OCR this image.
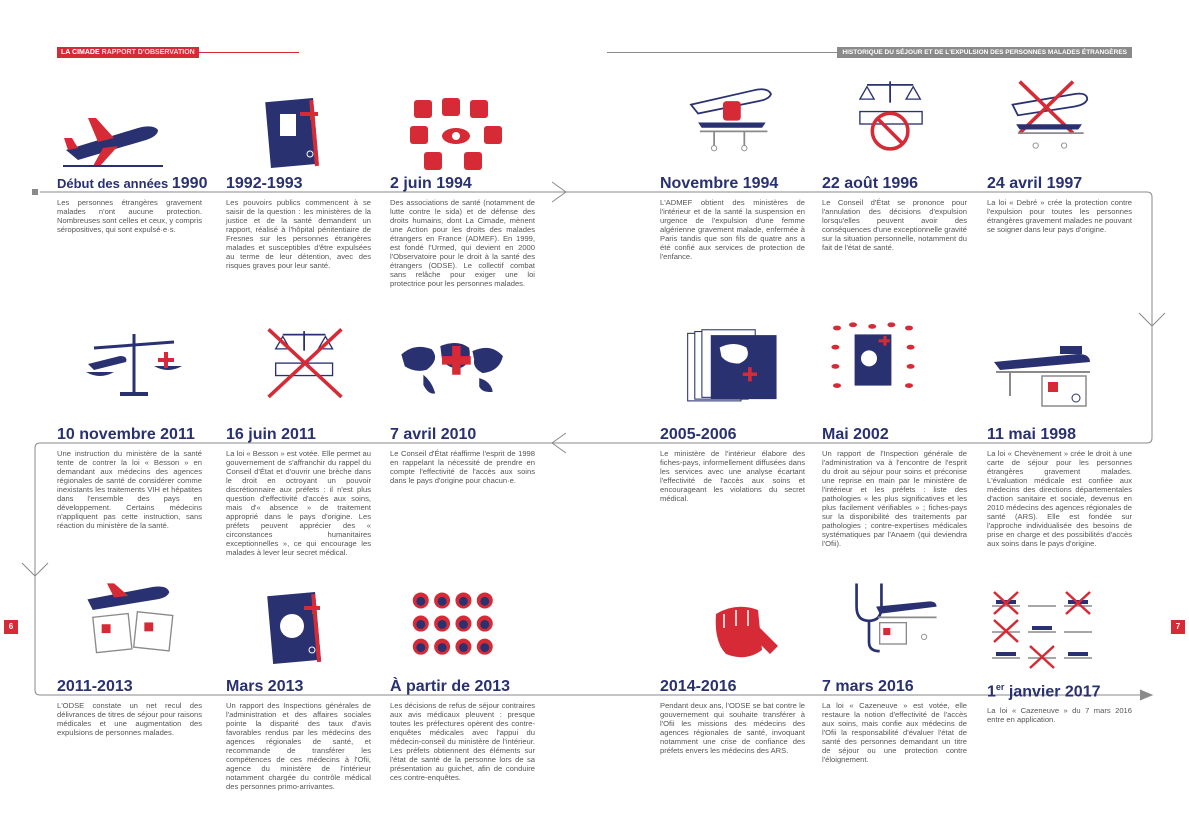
LA CIMADE RAPPORT D'OBSERVATION	HISTORIQUE DU SÉJOUR ET DE L'EXPULSION DES PERSONNES MALADES ÉTRANGÈRES
6	7
Début des années 1990
Les personnes étrangères gravement malades n'ont aucune protection. Nombreuses sont celles et ceux, y compris séropositives, qui sont expulsé·e·s.
1992-1993
Les pouvoirs publics commencent à se saisir de la question : les ministères de la justice et de la santé demandent un rapport, réalisé à l'hôpital pénitentiaire de Fresnes sur les personnes étrangères malades et susceptibles d'être expulsées au terme de leur détention, avec des risques graves pour leur santé.
2 juin 1994
Des associations de santé (notamment de lutte contre le sida) et de défense des droits humains, dont La Cimade, mènent une Action pour les droits des malades étrangers en France (ADMEF). En 1999, est fondé l'Urmed, qui devient en 2000 l'Observatoire pour le droit à la santé des étrangers (ODSE). Le collectif combat sans relâche pour exiger une loi protectrice pour les personnes malades.
Novembre 1994
L'ADMEF obtient des ministères de l'intérieur et de la santé la suspension en urgence de l'expulsion d'une femme algérienne gravement malade, enfermée à Paris tandis que son fils de quatre ans a été confié aux services de protection de l'enfance.
22 août 1996
Le Conseil d'État se prononce pour l'annulation des décisions d'expulsion lorsqu'elles peuvent avoir des conséquences d'une exceptionnelle gravité sur la situation personnelle, notamment du fait de l'état de santé.
24 avril 1997
La loi « Debré » crée la protection contre l'expulsion pour toutes les personnes étrangères gravement malades ne pouvant se soigner dans leur pays d'origine.
10 novembre 2011
Une instruction du ministère de la santé tente de contrer la loi « Besson » en demandant aux médecins des agences régionales de santé de considérer comme inexistants les traitements VIH et hépatites dans l'ensemble des pays en développement. Certains médecins n'appliquent pas cette instruction, sans réaction du ministère de la santé.
16 juin 2011
La loi « Besson » est votée. Elle permet au gouvernement de s'affranchir du rappel du Conseil d'État et d'ouvrir une brèche dans le droit en octroyant un pouvoir discrétionnaire aux préfets : il n'est plus question d'effectivité d'accès aux soins, mais d'« absence » de traitement approprié dans le pays d'origine. Les préfets peuvent apprécier des « circonstances humanitaires exceptionnelles », ce qui encourage les malades à lever leur secret médical.
7 avril 2010
Le Conseil d'État réaffirme l'esprit de 1998 en rappelant la nécessité de prendre en compte l'effectivité de l'accès aux soins dans le pays d'origine pour chacun·e.
2005-2006
Le ministère de l'intérieur élabore des fiches-pays, informellement diffusées dans les services avec une analyse écartant l'effectivité de l'accès aux soins et encourageant les violations du secret médical.
Mai 2002
Un rapport de l'Inspection générale de l'administration va à l'encontre de l'esprit du droit au séjour pour soins et préconise une reprise en main par le ministère de l'intérieur et les préfets : liste des pathologies « les plus significatives et les plus facilement vérifiables » ; fiches-pays sur la disponibilité des traitements par pathologies ; contre-expertises médicales systématiques par l'Anaem (qui deviendra l'Ofii).
11 mai 1998
La loi « Chevènement » crée le droit à une carte de séjour pour les personnes étrangères gravement malades. L'évaluation médicale est confiée aux médecins des directions départementales d'action sanitaire et sociale, devenus en 2010 médecins des agences régionales de santé (ARS). Elle est fondée sur l'approche individualisée des besoins de prise en charge et des possibilités d'accès aux soins dans le pays d'origine.
2011-2013
L'ODSE constate un net recul des délivrances de titres de séjour pour raisons médicales et une augmentation des expulsions de personnes malades.
Mars 2013
Un rapport des Inspections générales de l'administration et des affaires sociales pointe la disparité des taux d'avis favorables rendus par les médecins des agences régionales de santé, et recommande de transférer les compétences de ces médecins à l'Ofii, agence du ministère de l'intérieur notamment chargée du contrôle médical des personnes primo-arrivantes.
À partir de 2013
Les décisions de refus de séjour contraires aux avis médicaux pleuvent : presque toutes les préfectures opèrent des contre-enquêtes médicales avec l'appui du médecin-conseil du ministère de l'intérieur. Les préfets obtiennent des éléments sur l'état de santé de la personne lors de sa présentation au guichet, afin de conduire ces contre-enquêtes.
2014-2016
Pendant deux ans, l'ODSE se bat contre le gouvernement qui souhaite transférer à l'Ofii les missions des médecins des agences régionales de santé, invoquant notamment une crise de confiance des préfets envers les médecins des ARS.
7 mars 2016
La loi « Cazeneuve » est votée, elle restaure la notion d'effectivité de l'accès aux soins, mais confie aux médecins de l'Ofii la responsabilité d'évaluer l'état de santé des personnes demandant un titre de séjour ou une protection contre l'éloignement.
1er janvier 2017
La loi « Cazeneuve » du 7 mars 2016 entre en application.
